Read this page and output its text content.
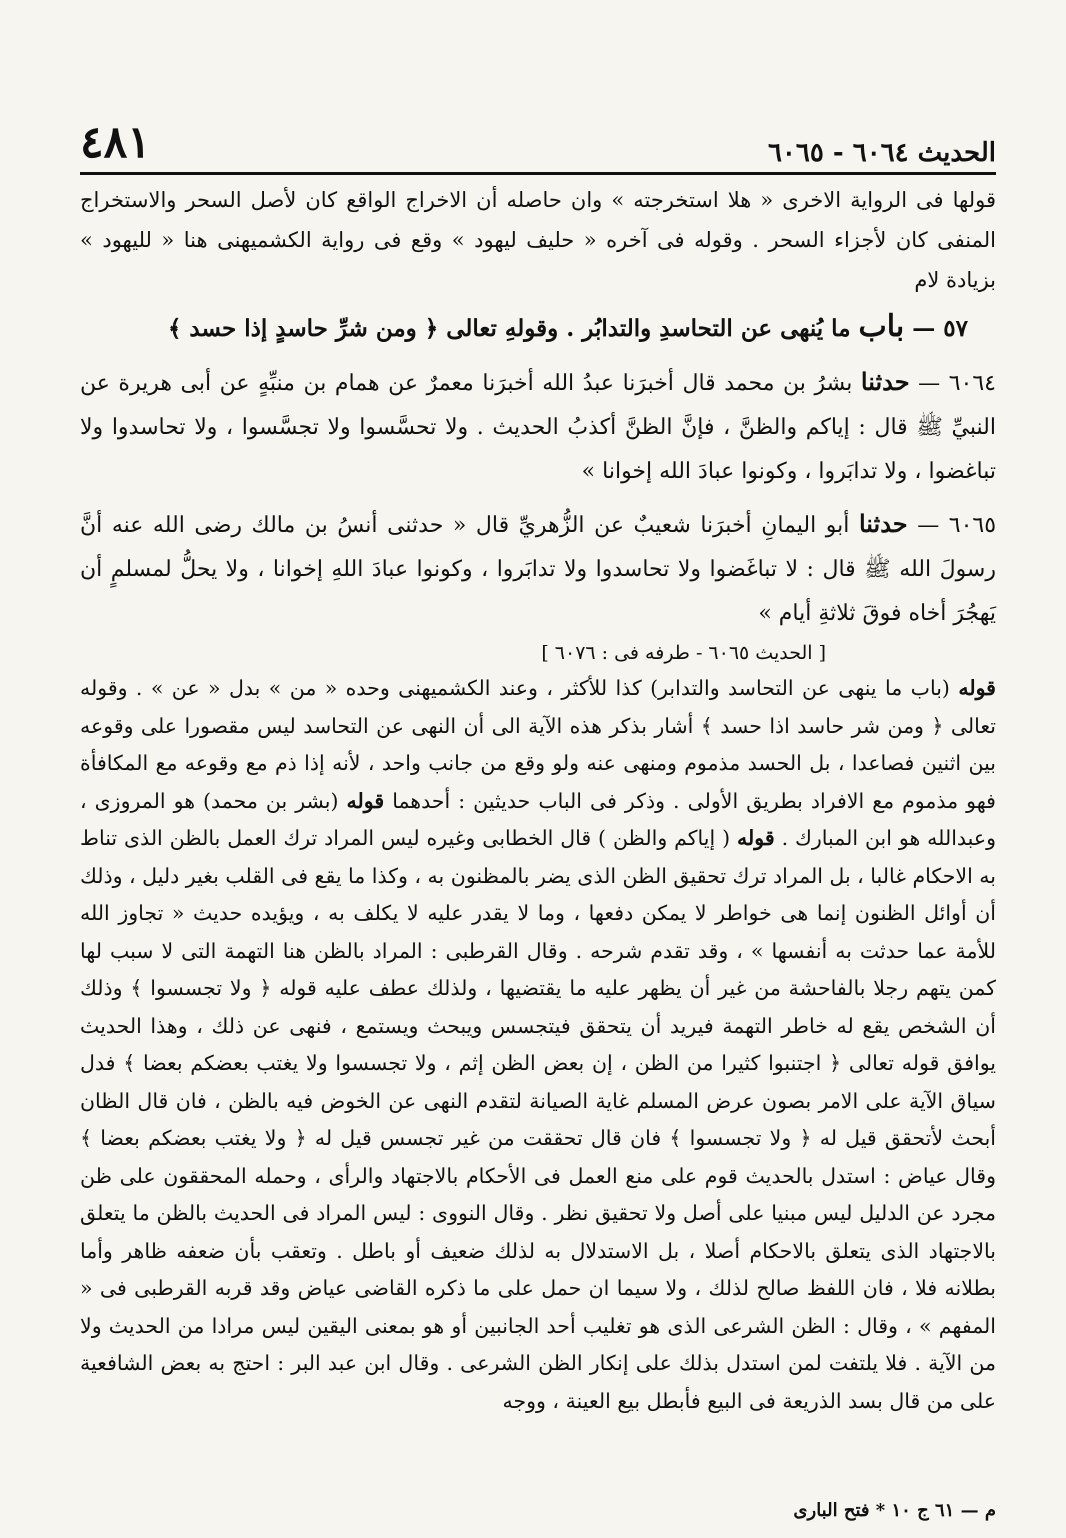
الحديث ٦٠٦٤ - ٦٠٦٥
٤٨١

قولها فى الرواية الاخرى « هلا استخرجته » وان حاصله أن الاخراج الواقع كان لأصل السحر والاستخراج المنفى كان لأجزاء السحر . وقوله فى آخره « حليف ليهود » وقع فى رواية الكشميهنى هنا « لليهود » بزيادة لام

٥٧ — باب ما يُنهى عن التحاسدِ والتدابُر . وقولهِ تعالى ﴿ ومن شرِّ حاسدٍ إذا حسد ﴾

٦٠٦٤ — حدثنا بشرُ بن محمد قال أخبرَنا عبدُ الله أخبرَنا معمرٌ عن همام بن منبِّهٍ عن أبى هريرة عن النبيِّ ﷺ قال : إياكم والظنَّ ، فإنَّ الظنَّ أكذبُ الحديث . ولا تحسَّسوا ولا تجسَّسوا ، ولا تحاسدوا ولا تباغضوا ، ولا تدابَروا ، وكونوا عبادَ الله إخوانا »

٦٠٦٥ — حدثنا أبو اليمانِ أخبرَنا شعيبٌ عن الزُّهريِّ قال « حدثنى أنسُ بن مالك رضى الله عنه أنَّ رسولَ الله ﷺ قال : لا تباغَضوا ولا تحاسدوا ولا تدابَروا ، وكونوا عبادَ اللهِ إخوانا ، ولا يحلُّ لمسلمٍ أن يَهجُرَ أخاه فوقَ ثلاثةِ أيام »

[ الحديث ٦٠٦٥ - طرفه فى : ٦٠٧٦ ]

قوله (باب ما ينهى عن التحاسد والتدابر) كذا للأكثر ، وعند الكشميهنى وحده « من » بدل « عن » . وقوله تعالى ﴿ ومن شر حاسد اذا حسد ﴾ أشار بذكر هذه الآية الى أن النهى عن التحاسد ليس مقصورا على وقوعه بين اثنين فصاعدا ، بل الحسد مذموم ومنهى عنه ولو وقع من جانب واحد ، لأنه إذا ذم مع وقوعه مع المكافأة فهو مذموم مع الافراد بطريق الأولى . وذكر فى الباب حديثين : أحدهما قوله (بشر بن محمد) هو المروزى ، وعبدالله هو ابن المبارك . قوله ( إياكم والظن ) قال الخطابى وغيره ليس المراد ترك العمل بالظن الذى تناط به الاحكام غالبا ، بل المراد ترك تحقيق الظن الذى يضر بالمظنون به ، وكذا ما يقع فى القلب بغير دليل ، وذلك أن أوائل الظنون إنما هى خواطر لا يمكن دفعها ، وما لا يقدر عليه لا يكلف به ، ويؤيده حديث « تجاوز الله للأمة عما حدثت به أنفسها » ، وقد تقدم شرحه . وقال القرطبى : المراد بالظن هنا التهمة التى لا سبب لها كمن يتهم رجلا بالفاحشة من غير أن يظهر عليه ما يقتضيها ، ولذلك عطف عليه قوله ﴿ ولا تجسسوا ﴾ وذلك أن الشخص يقع له خاطر التهمة فيريد أن يتحقق فيتجسس ويبحث ويستمع ، فنهى عن ذلك ، وهذا الحديث يوافق قوله تعالى ﴿ اجتنبوا كثيرا من الظن ، إن بعض الظن إثم ، ولا تجسسوا ولا يغتب بعضكم بعضا ﴾ فدل سياق الآية على الامر بصون عرض المسلم غاية الصيانة لتقدم النهى عن الخوض فيه بالظن ، فان قال الظان أبحث لأتحقق قيل له ﴿ ولا تجسسوا ﴾ فان قال تحققت من غير تجسس قيل له ﴿ ولا يغتب بعضكم بعضا ﴾ وقال عياض : استدل بالحديث قوم على منع العمل فى الأحكام بالاجتهاد والرأى ، وحمله المحققون على ظن مجرد عن الدليل ليس مبنيا على أصل ولا تحقيق نظر . وقال النووى : ليس المراد فى الحديث بالظن ما يتعلق بالاجتهاد الذى يتعلق بالاحكام أصلا ، بل الاستدلال به لذلك ضعيف أو باطل . وتعقب بأن ضعفه ظاهر وأما بطلانه فلا ، فان اللفظ صالح لذلك ، ولا سيما ان حمل على ما ذكره القاضى عياض وقد قربه القرطبى فى « المفهم » ، وقال : الظن الشرعى الذى هو تغليب أحد الجانبين أو هو بمعنى اليقين ليس مرادا من الحديث ولا من الآية . فلا يلتفت لمن استدل بذلك على إنكار الظن الشرعى . وقال ابن عبد البر : احتج به بعض الشافعية على من قال بسد الذريعة فى البيع فأبطل بيع العينة ، ووجه

م — ٦١ ج ١٠ * فتح البارى
